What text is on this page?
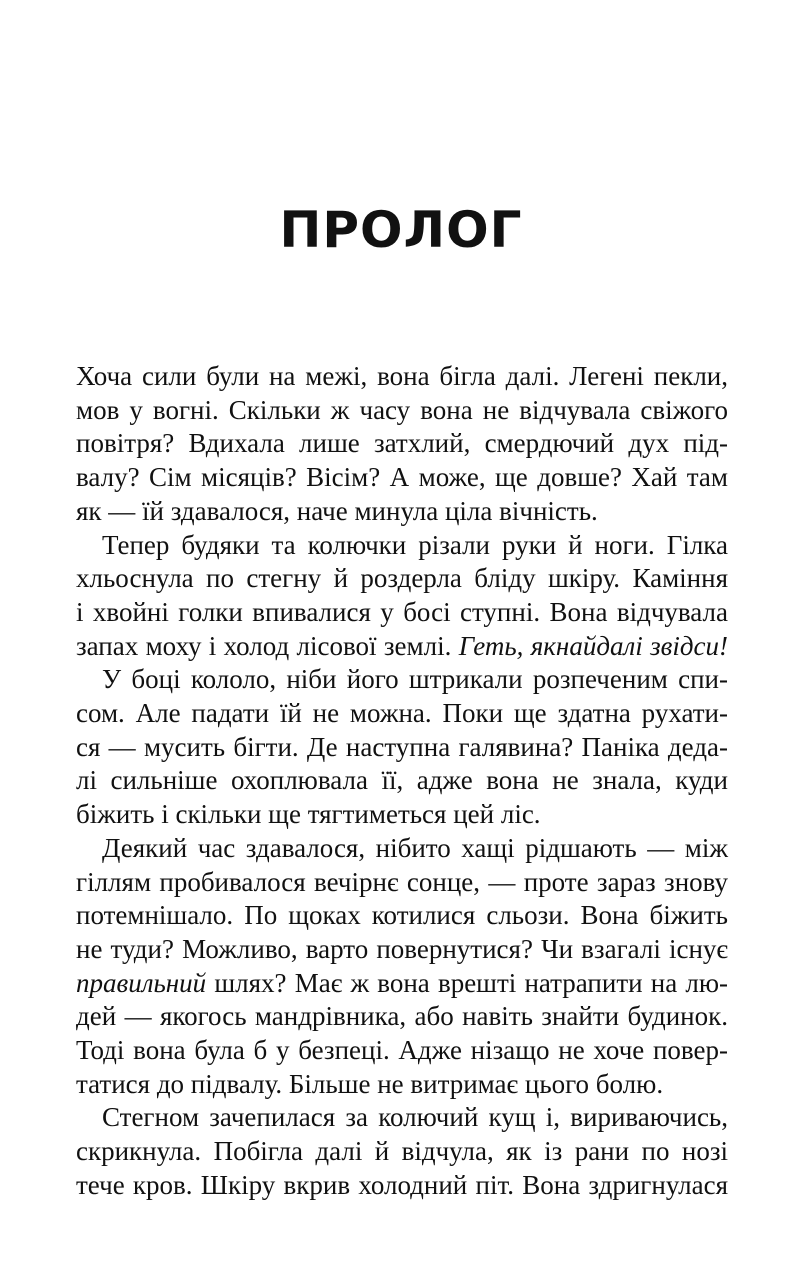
ПРОЛОГ

Хоча сили були на межі, вона бігла далі. Легені пекли,
мов у вогні. Скільки ж часу вона не відчувала свіжого
повітря? Вдихала лише затхлий, смердючий дух під-
валу? Сім місяців? Вісім? А може, ще довше? Хай там
як — їй здавалося, наче минула ціла вічність.

Тепер будяки та колючки різали руки й ноги. Гілка
хльоснула по стегну й роздерла бліду шкіру. Каміння
і хвойні голки впивалися у босі ступні. Вона відчувала
запах моху і холод лісової землі. Геть, якнайдалі звідси!

У боці кололо, ніби його штрикали розпеченим спи-
сом. Але падати їй не можна. Поки ще здатна рухати-
ся — мусить бігти. Де наступна галявина? Паніка деда-
лі сильніше охоплювала її, адже вона не знала, куди
біжить і скільки ще тягтиметься цей ліс.

Деякий час здавалося, нібито хащі рідшають — між
гіллям пробивалося вечірнє сонце, — проте зараз знову
потемнішало. По щоках котилися сльози. Вона біжить
не туди? Можливо, варто повернутися? Чи взагалі існує
правильний шлях? Має ж вона врешті натрапити на лю-
дей — якогось мандрівника, або навіть знайти будинок.
Тоді вона була б у безпеці. Адже нізащо не хоче повер-
татися до підвалу. Більше не витримає цього болю.

Стегном зачепилася за колючий кущ і, вириваючись,
скрикнула. Побігла далі й відчула, як із рани по нозі
тече кров. Шкіру вкрив холодний піт. Вона здригнулася
